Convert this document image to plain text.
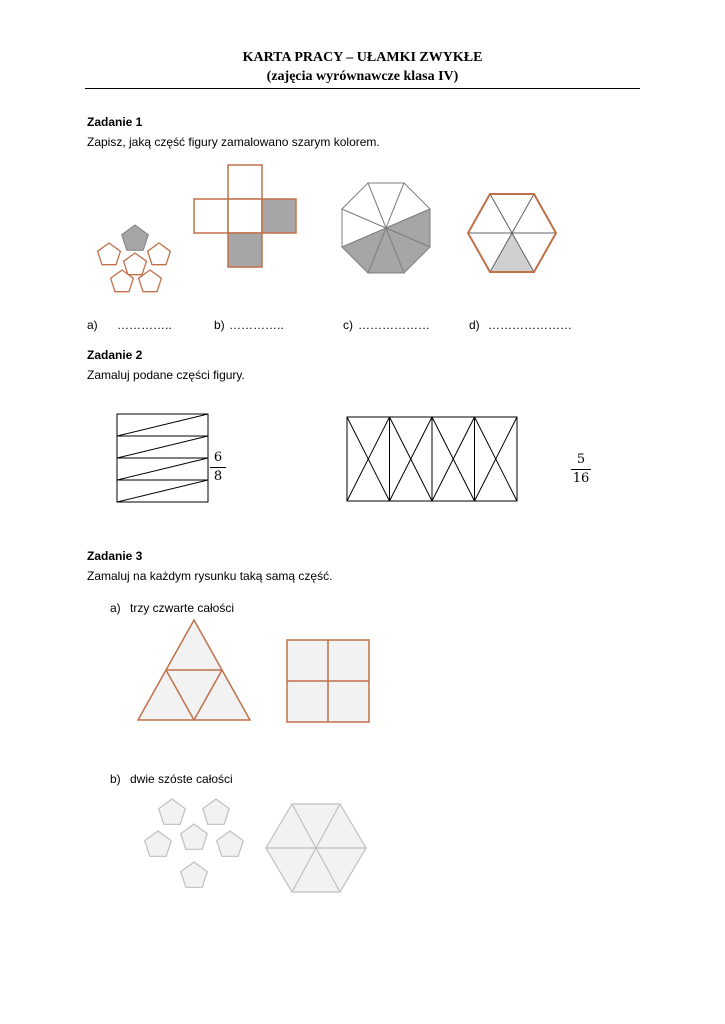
KARTA PRACY – UŁAMKI ZWYKŁE
(zajęcia wyrównawcze klasa IV)
Zadanie 1
Zapisz, jaką część figury zamalowano szarym kolorem.
a) …………..	b) …………..	c) ………………	d) …………………
Zadanie 2
Zamaluj podane części figury.
6
8
5
16
Zadanie 3
Zamaluj na każdym rysunku taką samą część.
a) trzy czwarte całości
b) dwie szóste całości
